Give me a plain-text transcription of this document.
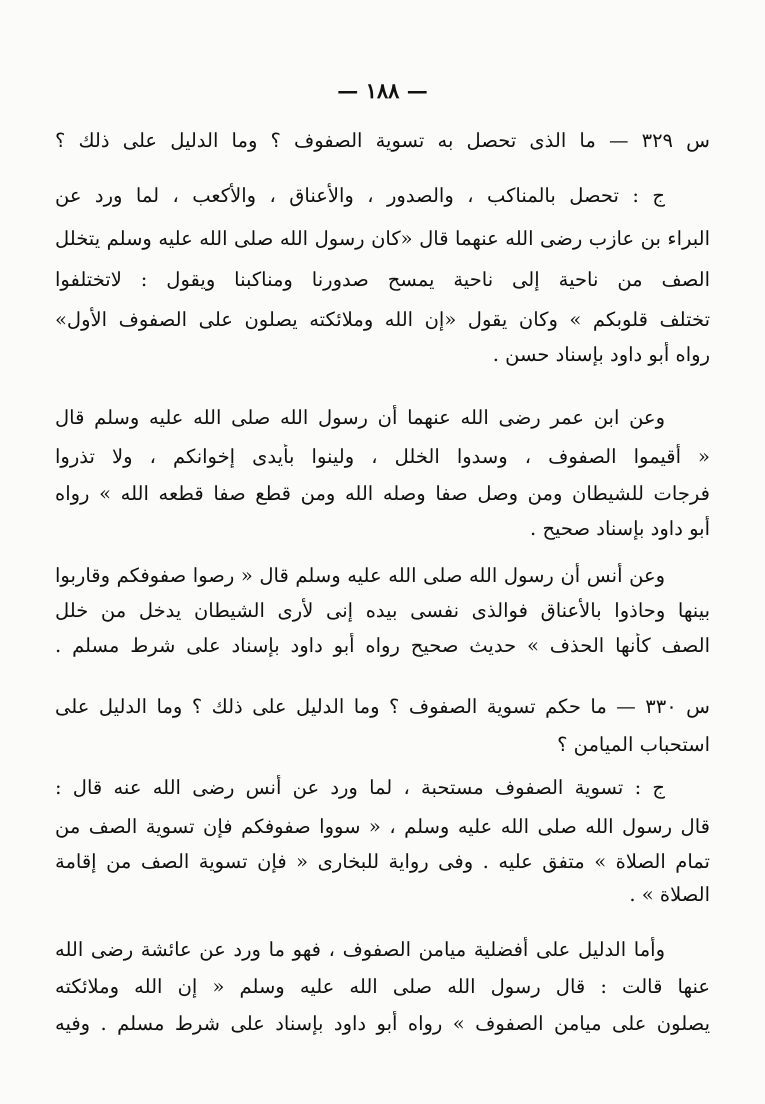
— ١٨٨ —
س ٣٢٩ — ما الذى تحصل به تسوية الصفوف ؟ وما الدليل على ذلك ؟
ج : تحصل بالمناكب ، والصدور ، والأعناق ، والأكعب ، لما ورد عن
البراء بن عازب رضى الله عنهما قال «كان رسول الله صلى الله عليه وسلم يتخلل
الصف من ناحية إلى ناحية يمسح صدورنا ومناكبنا ويقول : لاتختلفوا
تختلف قلوبكم » وكان يقول «إن الله وملائكته يصلون على الصفوف الأول»
رواه أبو داود بإسناد حسن .
وعن ابن عمر رضى الله عنهما أن رسول الله صلى الله عليه وسلم قال
« أقيموا الصفوف ، وسدوا الخلل ، ولينوا بأيدى إخوانكم ، ولا تذروا
فرجات للشيطان ومن وصل صفا وصله الله ومن قطع صفا قطعه الله » رواه
أبو داود بإسناد صحيح .
وعن أنس أن رسول الله صلى الله عليه وسلم قال « رصوا صفوفكم وقاربوا
بينها وحاذوا بالأعناق فوالذى نفسى بيده إنى لأرى الشيطان يدخل من خلل
الصف كأنها الحذف » حديث صحيح رواه أبو داود بإسناد على شرط مسلم .
س ٣٣٠ — ما حكم تسوية الصفوف ؟ وما الدليل على ذلك ؟ وما الدليل على
استحباب الميامن ؟
ج : تسوية الصفوف مستحبة ، لما ورد عن أنس رضى الله عنه قال :
قال رسول الله صلى الله عليه وسلم ، « سووا صفوفكم فإن تسوية الصف من
تمام الصلاة » متفق عليه . وفى رواية للبخارى « فإن تسوية الصف من إقامة
الصلاة » .
وأما الدليل على أفضلية ميامن الصفوف ، فهو ما ورد عن عائشة رضى الله
عنها قالت : قال رسول الله صلى الله عليه وسلم « إن الله وملائكته
يصلون على ميامن الصفوف » رواه أبو داود بإسناد على شرط مسلم . وفيه
